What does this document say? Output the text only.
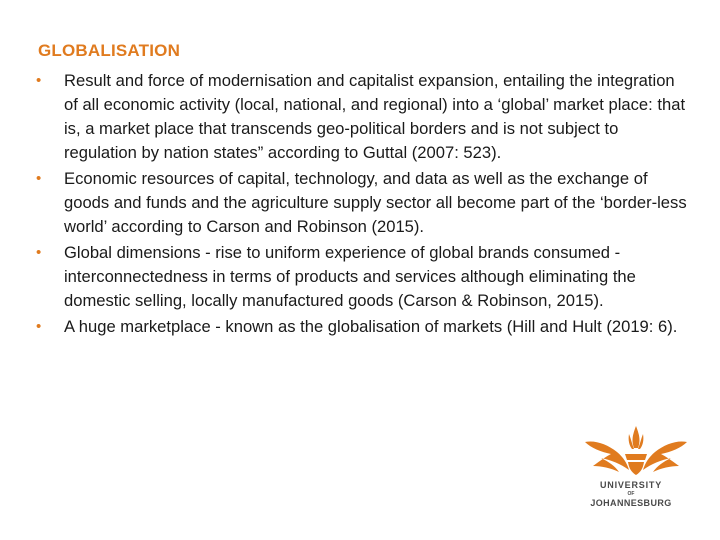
GLOBALISATION
• Result and force of modernisation and capitalist expansion, entailing the integration of all economic activity (local, national, and regional) into a ‘global’ market place: that is, a market place that transcends geo-political borders and is not subject to regulation by nation states” according to Guttal (2007: 523).
• Economic resources of capital, technology, and data as well as the exchange of goods and funds and the agriculture supply sector all become part of the ‘border-less world’ according to Carson and Robinson (2015).
• Global dimensions - rise to uniform experience of global brands consumed - interconnectedness in terms of products and services although eliminating the domestic selling, locally manufactured goods (Carson & Robinson, 2015).
• A huge marketplace - known as the globalisation of markets (Hill and Hult (2019: 6).
UNIVERSITY
OF
JOHANNESBURG
